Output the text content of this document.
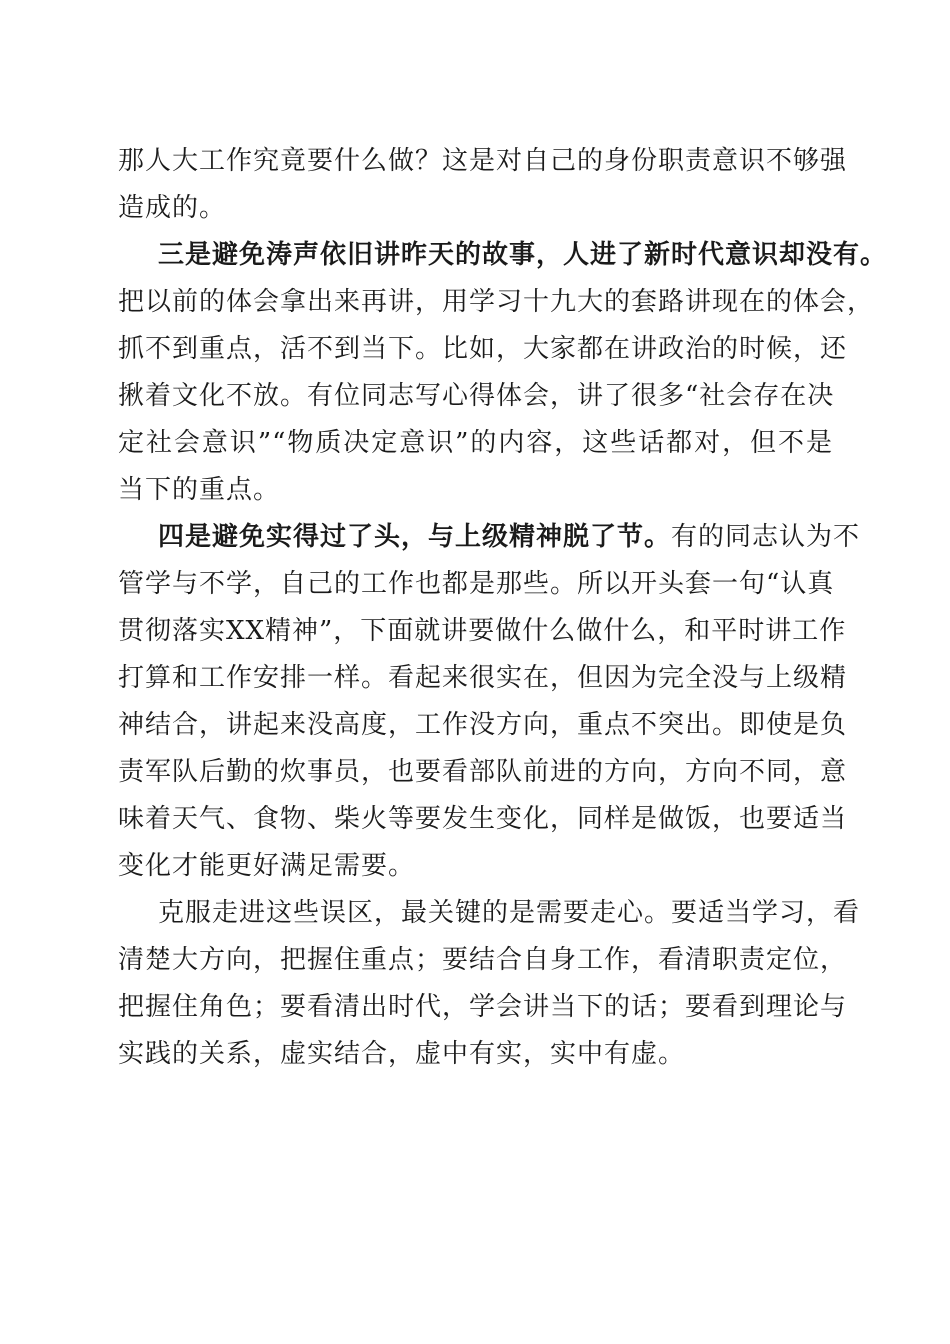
那人大工作究竟要什么做？这是对自己的身份职责意识不够强
造成的。
三是避免涛声依旧讲昨天的故事，人进了新时代意识却没有。
把以前的体会拿出来再讲，用学习十九大的套路讲现在的体会，
抓不到重点，活不到当下。比如，大家都在讲政治的时候，还
揪着文化不放。有位同志写心得体会，讲了很多“社会存在决
定社会意识”“物质决定意识”的内容，这些话都对，但不是
当下的重点。
四是避免实得过了头，与上级精神脱了节。有的同志认为不
管学与不学，自己的工作也都是那些。所以开头套一句“认真
贯彻落实XX精神”，下面就讲要做什么做什么，和平时讲工作
打算和工作安排一样。看起来很实在，但因为完全没与上级精
神结合，讲起来没高度，工作没方向，重点不突出。即使是负
责军队后勤的炊事员，也要看部队前进的方向，方向不同，意
味着天气、食物、柴火等要发生变化，同样是做饭，也要适当
变化才能更好满足需要。
克服走进这些误区，最关键的是需要走心。要适当学习，看
清楚大方向，把握住重点；要结合自身工作，看清职责定位，
把握住角色；要看清出时代，学会讲当下的话；要看到理论与
实践的关系，虚实结合，虚中有实，实中有虚。
